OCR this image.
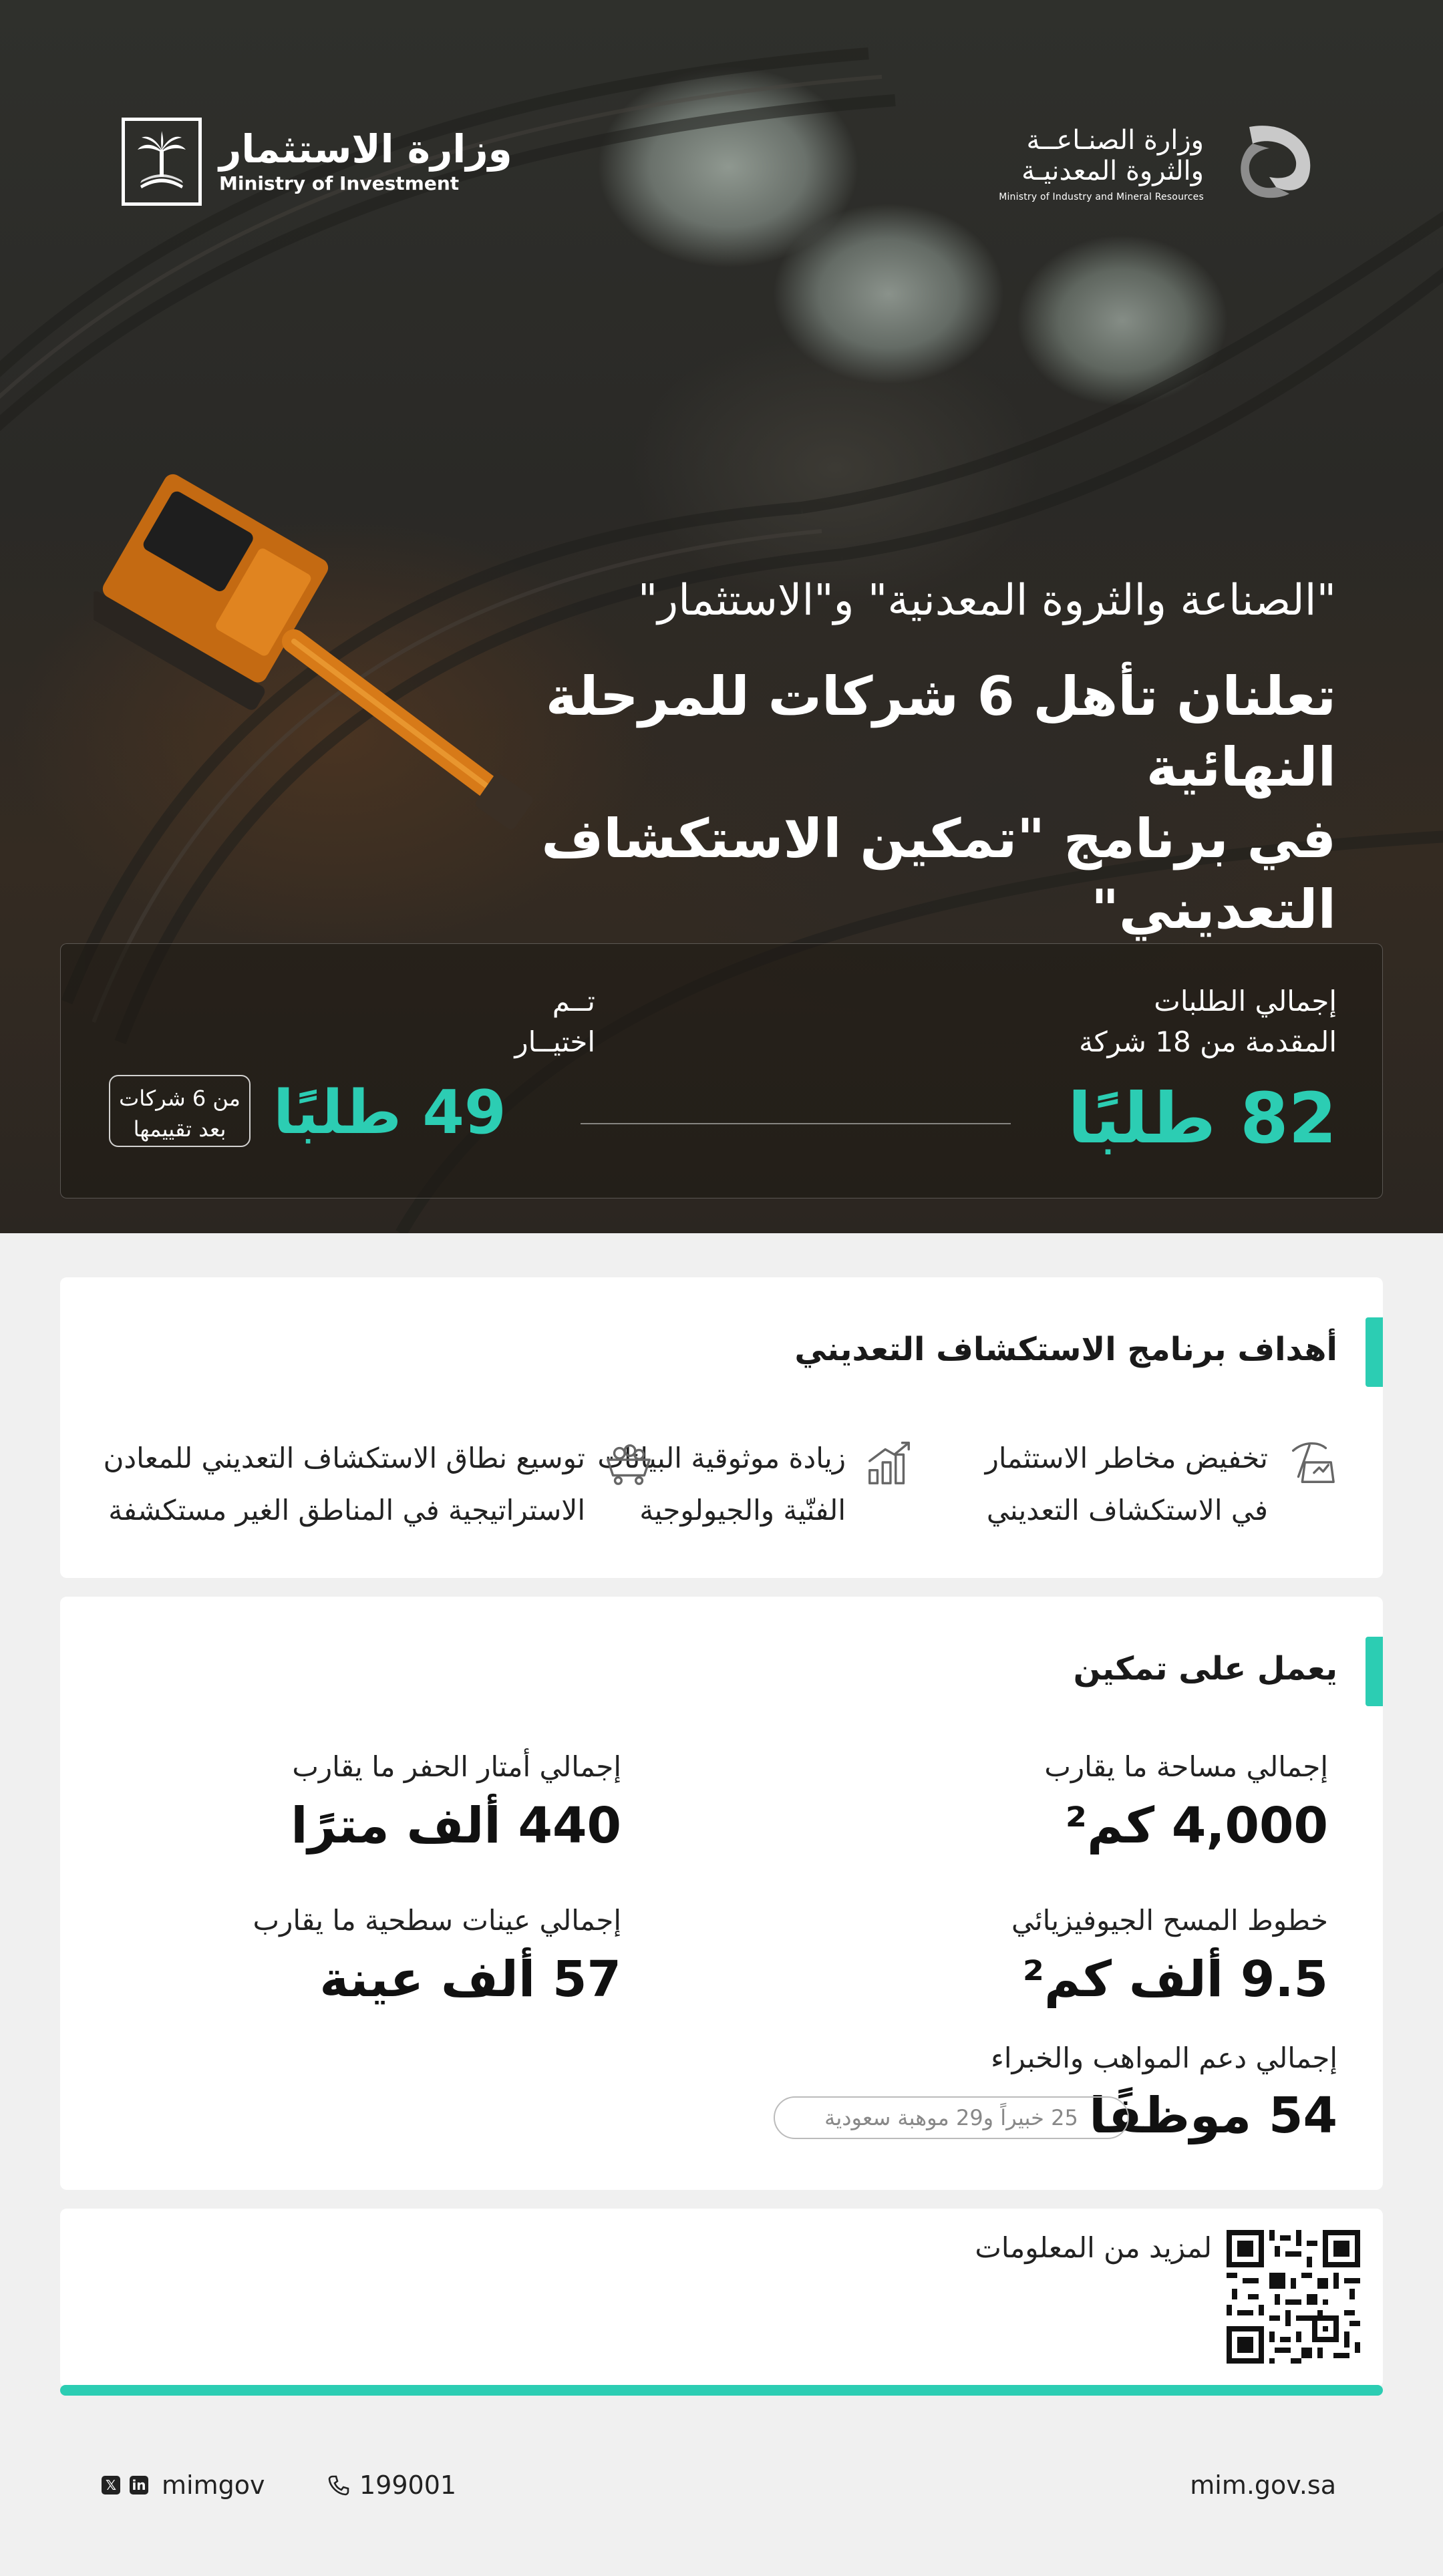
وزارة الاستثمار
Ministry of Investment
وزارة الصنـاعــة
والثروة المعدنيـة
Ministry of Industry and Mineral Resources
"الصناعة والثروة المعدنية" و"الاستثمار"
تعلنان تأهل 6 شركات للمرحلة النهائية
في برنامج "تمكين الاستكشاف التعديني"
إجمالي الطلبات
المقدمة من 18 شركة
82 طلبًا
تــم
اختيــار
49 طلبًا
من 6 شركات
بعد تقييمها
أهداف برنامج الاستكشاف التعديني
تخفيض مخاطر الاستثمار
في الاستكشاف التعديني
زيادة موثوقية البيانات
الفنّية والجيولوجية
توسيع نطاق الاستكشاف التعديني للمعادن
الاستراتيجية في المناطق الغير مستكشفة
يعمل على تمكين
إجمالي مساحة ما يقارب
4,000 كم²
إجمالي أمتار الحفر ما يقارب
440 ألف مترًا
خطوط المسح الجيوفيزيائي
9.5 ألف كم²
إجمالي عينات سطحية ما يقارب
57 ألف عينة
إجمالي دعم المواهب والخبراء
54 موظفًا
25 خبيراً و29 موهبة سعودية
لمزيد من المعلومات
𝕏 in mimgov	199001	mim.gov.sa
